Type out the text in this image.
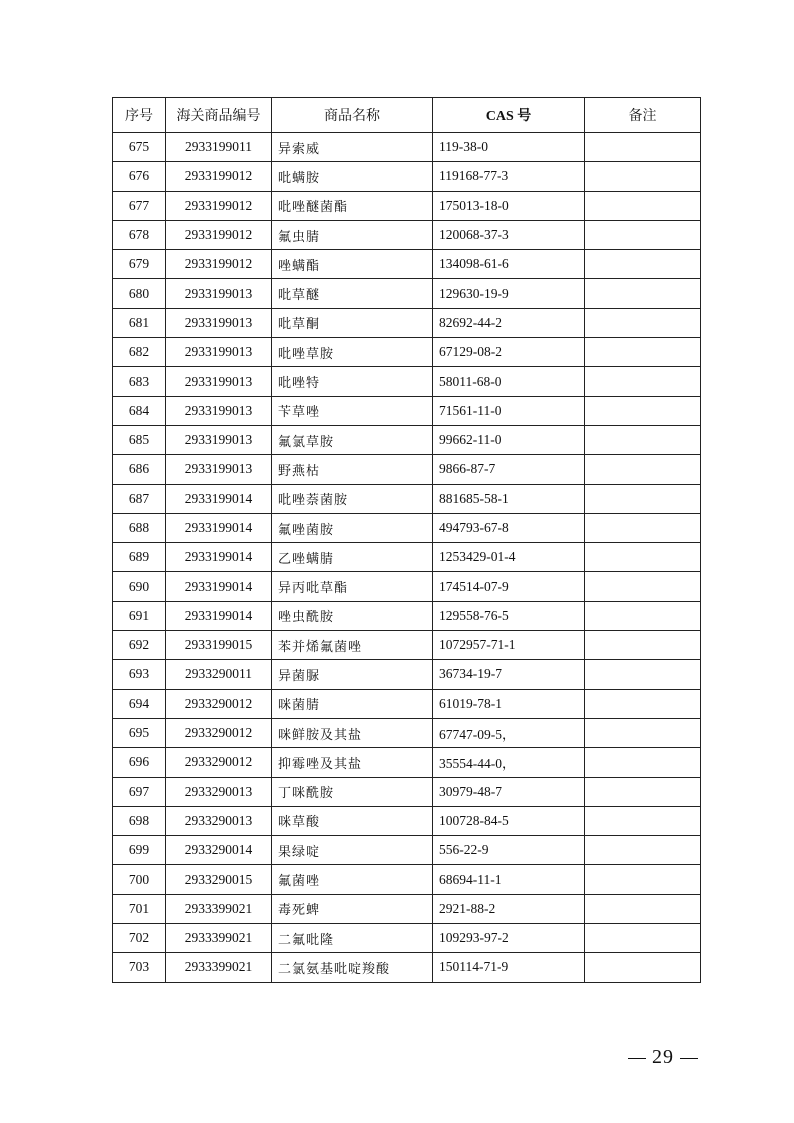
序号	海关商品编号	商品名称	CAS 号	备注
675	2933199011	异索威	119-38-0	
676	2933199012	吡螨胺	119168-77-3	
677	2933199012	吡唑醚菌酯	175013-18-0	
678	2933199012	氟虫腈	120068-37-3	
679	2933199012	唑螨酯	134098-61-6	
680	2933199013	吡草醚	129630-19-9	
681	2933199013	吡草酮	82692-44-2	
682	2933199013	吡唑草胺	67129-08-2	
683	2933199013	吡唑特	58011-68-0	
684	2933199013	苄草唑	71561-11-0	
685	2933199013	氟氯草胺	99662-11-0	
686	2933199013	野燕枯	9866-87-7	
687	2933199014	吡唑萘菌胺	881685-58-1	
688	2933199014	氟唑菌胺	494793-67-8	
689	2933199014	乙唑螨腈	1253429-01-4	
690	2933199014	异丙吡草酯	174514-07-9	
691	2933199014	唑虫酰胺	129558-76-5	
692	2933199015	苯并烯氟菌唑	1072957-71-1	
693	2933290011	异菌脲	36734-19-7	
694	2933290012	咪菌腈	61019-78-1	
695	2933290012	咪鲜胺及其盐	67747-09-5，	
696	2933290012	抑霉唑及其盐	35554-44-0，	
697	2933290013	丁咪酰胺	30979-48-7	
698	2933290013	咪草酸	100728-84-5	
699	2933290014	果绿啶	556-22-9	
700	2933290015	氟菌唑	68694-11-1	
701	2933399021	毒死蜱	2921-88-2	
702	2933399021	二氟吡隆	109293-97-2	
703	2933399021	二氯氨基吡啶羧酸	150114-71-9	
29
